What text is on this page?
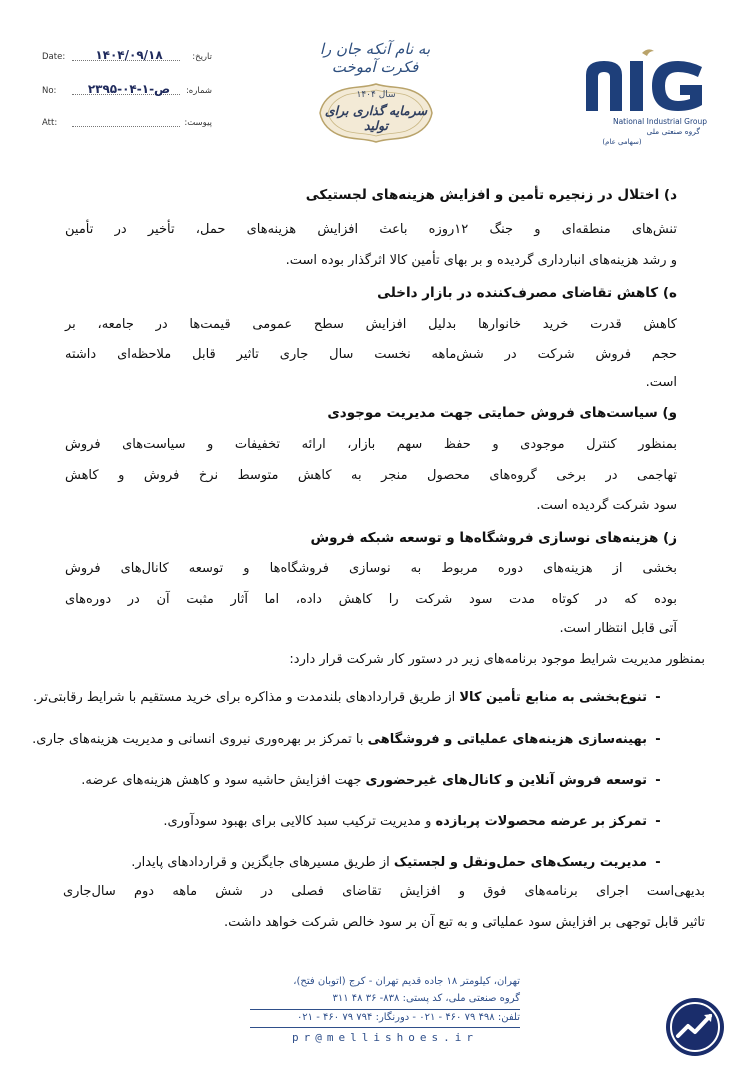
Date:	۱۴۰۴/۰۹/۱۸	تاریخ:
No:	۲۳۹۵-ص-۱-۰۴	شماره:
Att:	پیوست:
به نام آنکه جان را فکرت آموخت
سال ۱۴۰۴
سرمایه گذاری برای تولید	National Industrial Group
گروه صنعتی ملی
(سهامی عام)
د) اختلال در زنجیره تأمین و افزایش هزینه‌های لجستیکی
تنش‌های منطقه‌ای و جنگ ۱۲روزه باعث افزایش هزینه‌های حمل، تأخیر در تأمین
و رشد هزینه‌های انبارداری گردیده و بر بهای تأمین کالا اثرگذار بوده است.
ه) کاهش تقاضای مصرف‌کننده در بازار داخلی
کاهش قدرت خرید خانوارها بدلیل افزایش سطح عمومی قیمت‌ها در جامعه، بر
حجم فروش شرکت در شش‌ماهه نخست سال جاری تاثیر قابل ملاحظه‌ای داشته
است.
و) سیاست‌های فروش حمایتی جهت مدیریت موجودی
بمنظور کنترل موجودی و حفظ سهم بازار، ارائه تخفیفات و سیاست‌های فروش
تهاجمی در برخی گروه‌های محصول منجر به کاهش متوسط نرخ فروش و کاهش
سود شرکت گردیده است.
ز) هزینه‌های نوسازی فروشگاه‌ها و توسعه شبکه فروش
بخشی از هزینه‌های دوره مربوط به نوسازی فروشگاه‌ها و توسعه کانال‌های فروش
بوده که در کوتاه مدت سود شرکت را کاهش داده، اما آثار مثبت آن در دوره‌های
آتی قابل انتظار است.
بمنظور مدیریت شرایط موجود برنامه‌های زیر در دستور کار شرکت قرار دارد:
-تنوع‌بخشی به منابع تأمین کالا از طریق قراردادهای بلندمدت و مذاکره برای خرید مستقیم با شرایط رقابتی‌تر.
-بهینه‌سازی هزینه‌های عملیاتی و فروشگاهی با تمرکز بر بهره‌وری نیروی انسانی و مدیریت هزینه‌های جاری.
-توسعه فروش آنلاین و کانال‌های غیرحضوری جهت افزایش حاشیه سود و کاهش هزینه‌های عرضه.
-تمرکز بر عرضه محصولات پربازده و مدیریت ترکیب سبد کالایی برای بهبود سودآوری.
-مدیریت ریسک‌های حمل‌ونقل و لجستیک از طریق مسیرهای جایگزین و قراردادهای پایدار.
بدیهی‌است اجرای برنامه‌های فوق و افزایش تقاضای فصلی در شش ماهه دوم سال‌جاری
تاثیر قابل توجهی بر افزایش سود عملیاتی و به تبع آن بر سود خالص شرکت خواهد داشت.
تهران، کیلومتر ۱۸ جاده قدیم تهران - کرج (اتوبان فتح)،
گروه صنعتی ملی، کد پستی: ۸۳۸- ۳۶ ۴۸ ۳۱۱
تلفن: ۴۹۸ ۷۹ ۴۶۰ - ۰۲۱ - دورنگار: ۷۹۴ ۷۹ ۴۶۰ - ۰۲۱
pr@mellishoes.ir
